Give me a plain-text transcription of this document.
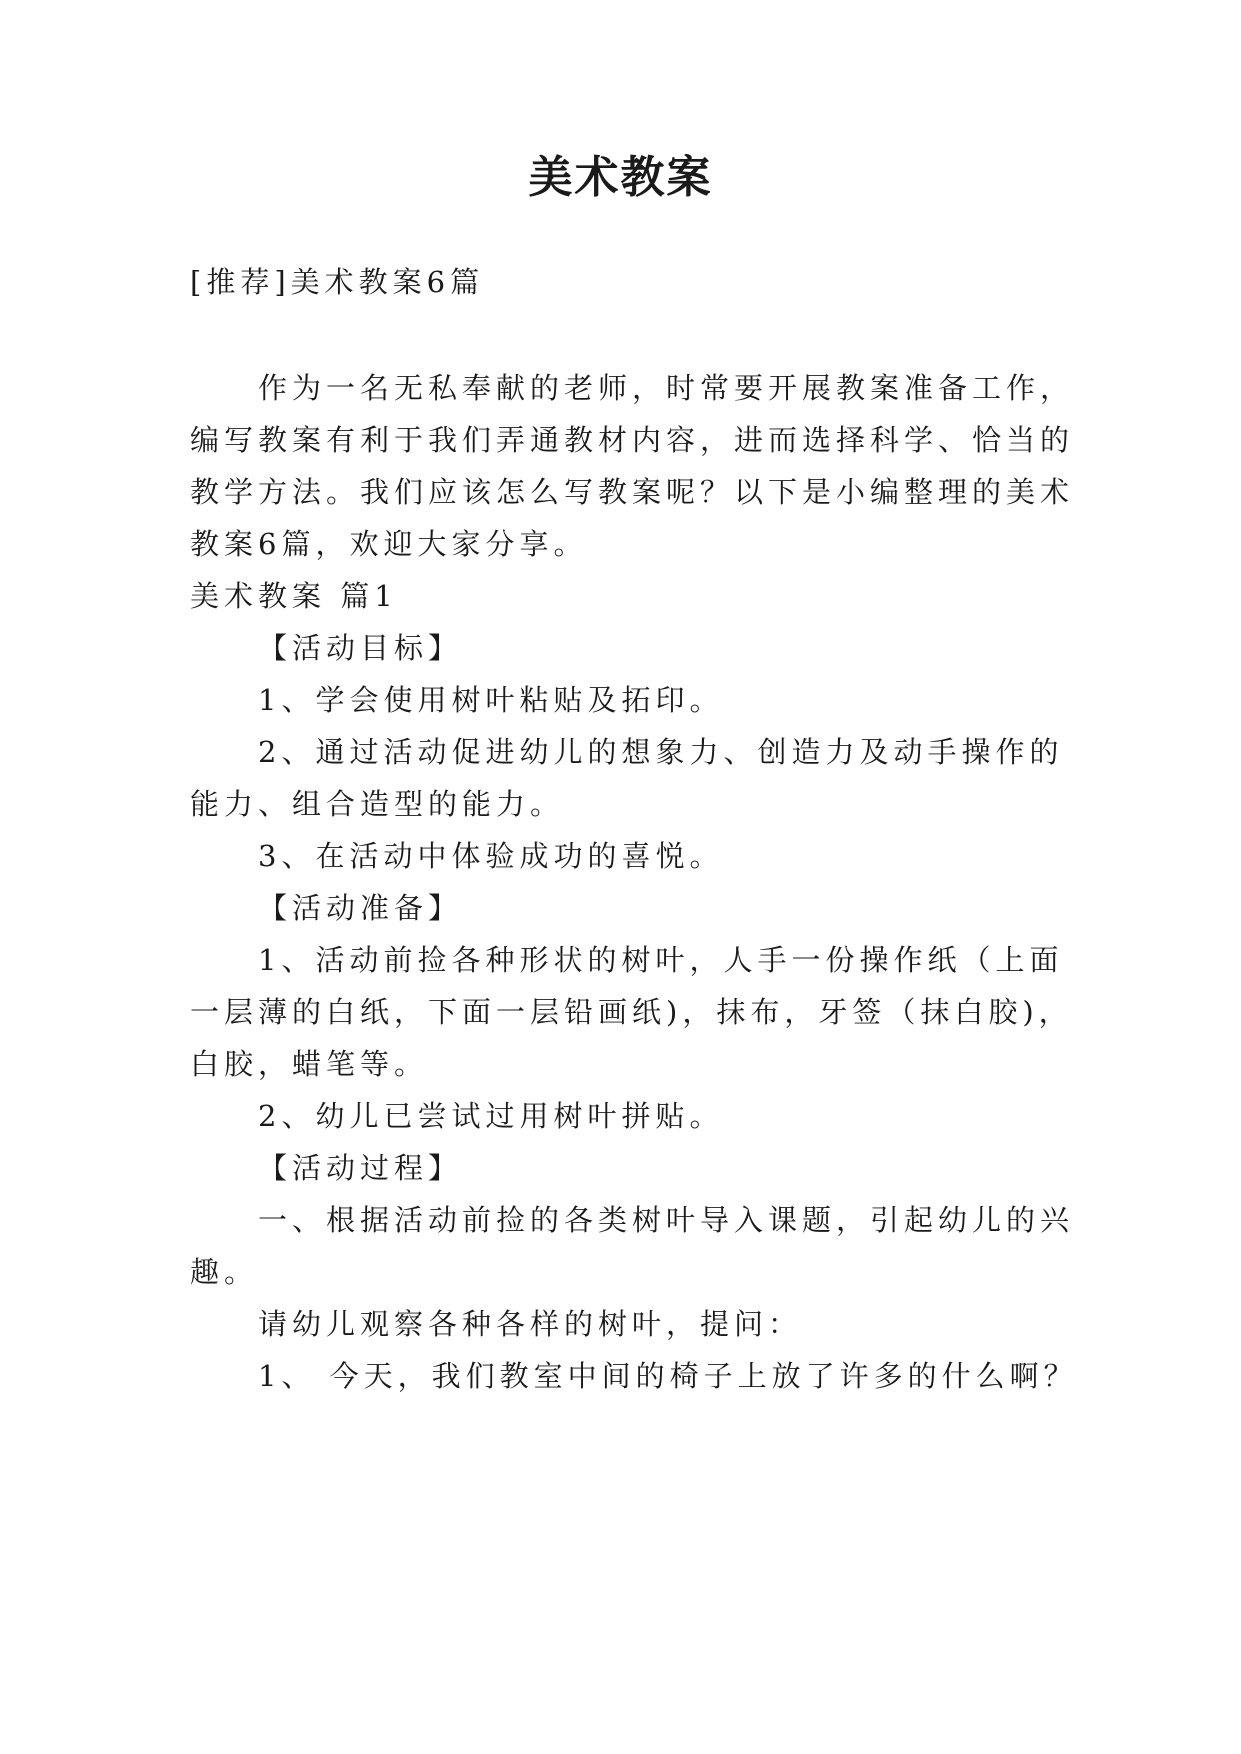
美术教案
[推荐]美术教案6篇
作为一名无私奉献的老师，时常要开展教案准备工作，
编写教案有利于我们弄通教材内容，进而选择科学、恰当的
教学方法。我们应该怎么写教案呢？以下是小编整理的美术
教案6篇，欢迎大家分享。
美术教案 篇1
【活动目标】
1、学会使用树叶粘贴及拓印。
2、通过活动促进幼儿的想象力、创造力及动手操作的
能力、组合造型的能力。
3、在活动中体验成功的喜悦。
【活动准备】
1、活动前捡各种形状的树叶，人手一份操作纸（上面
一层薄的白纸，下面一层铅画纸)，抹布，牙签（抹白胶)，
白胶，蜡笔等。
2、幼儿已尝试过用树叶拼贴。
【活动过程】
一、根据活动前捡的各类树叶导入课题，引起幼儿的兴
趣。
请幼儿观察各种各样的树叶，提问：
1、 今天，我们教室中间的椅子上放了许多的什么啊？
